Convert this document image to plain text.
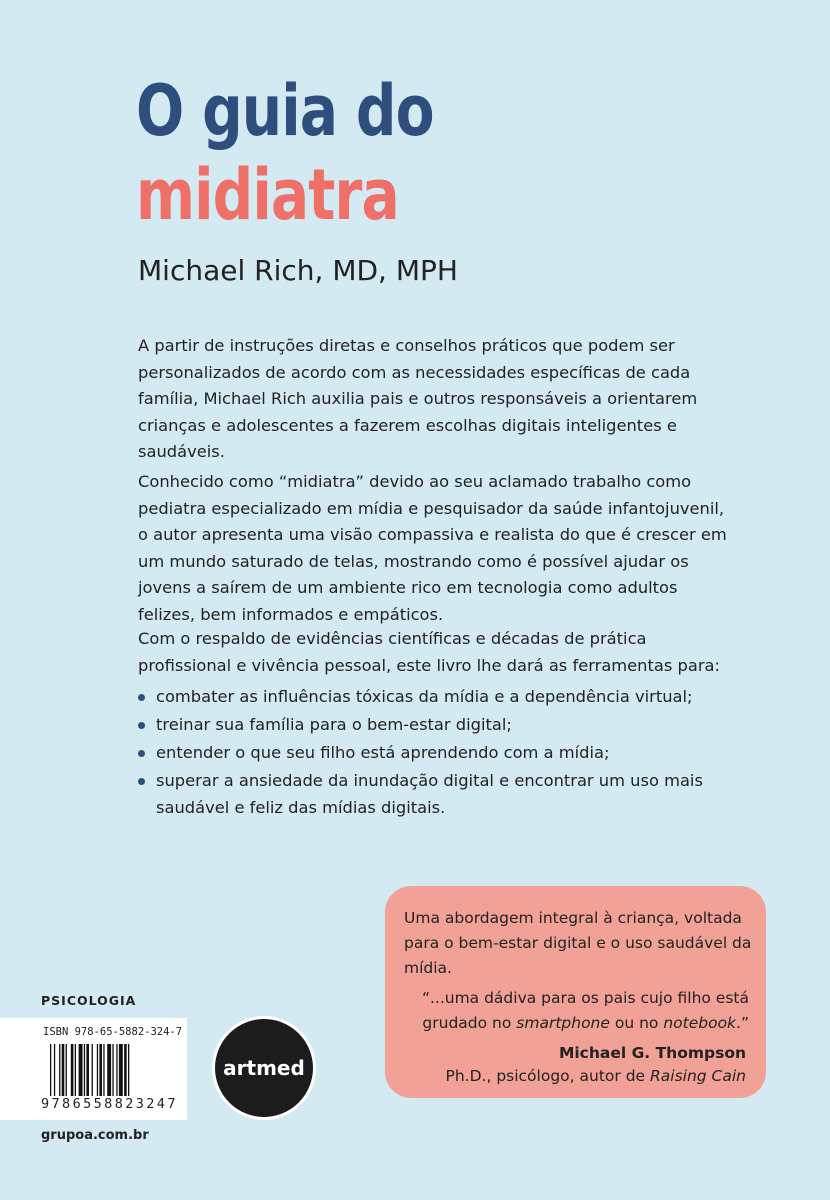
O guia do
midiatra
Michael Rich, MD, MPH
A partir de instruções diretas e conselhos práticos que podem ser personalizados de acordo com as necessidades específicas de cada família, Michael Rich auxilia pais e outros responsáveis a orientarem crianças e adolescentes a fazerem escolhas digitais inteligentes e saudáveis.
Conhecido como “midiatra” devido ao seu aclamado trabalho como pediatra especializado em mídia e pesquisador da saúde infantojuvenil, o autor apresenta uma visão compassiva e realista do que é crescer em um mundo saturado de telas, mostrando como é possível ajudar os jovens a saírem de um ambiente rico em tecnologia como adultos felizes, bem informados e empáticos.
Com o respaldo de evidências científicas e décadas de prática profissional e vivência pessoal, este livro lhe dará as ferramentas para:
combater as influências tóxicas da mídia e a dependência virtual;
treinar sua família para o bem-estar digital;
entender o que seu filho está aprendendo com a mídia;
superar a ansiedade da inundação digital e encontrar um uso mais saudável e feliz das mídias digitais.
Uma abordagem integral à criança, voltada para o bem-estar digital e o uso saudável da mídia.
“...uma dádiva para os pais cujo filho está grudado no smartphone ou no notebook.”
Michael G. Thompson
Ph.D., psicólogo, autor de Raising Cain
PSICOLOGIA
ISBN 978-65-5882-324-7
9786558823247
artmed
grupoa.com.br
